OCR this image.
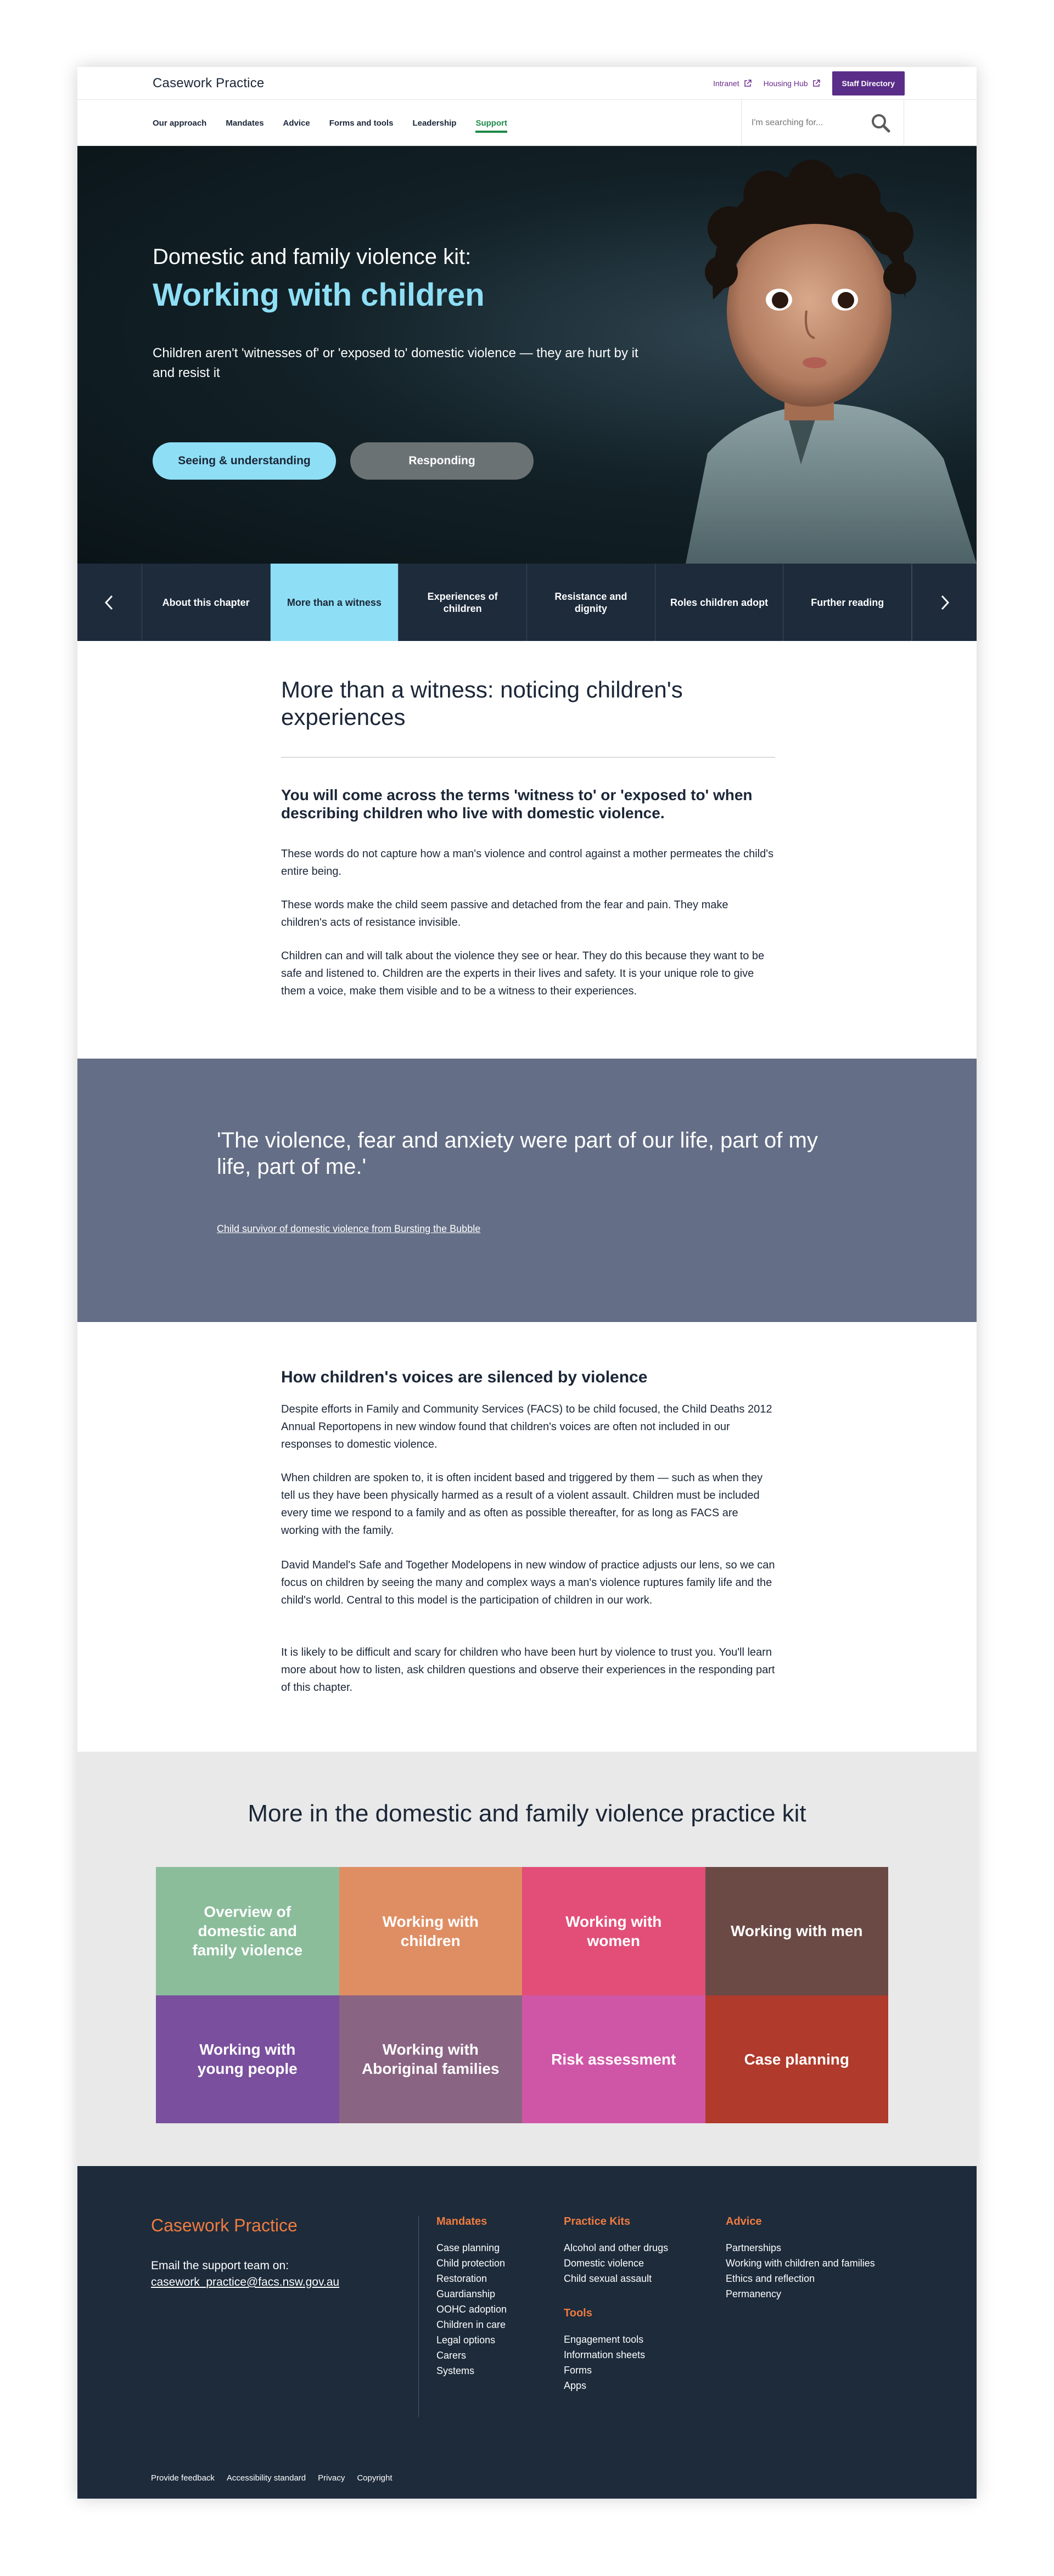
Casework Practice	Intranet	Housing Hub	Staff Directory
Our approach Mandates Advice Forms and tools Leadership Support
I'm searching for...
Domestic and family violence kit:
Working with children
Children aren't 'witnesses of' or 'exposed to' domestic violence — they are hurt by it and resist it
Seeing & understanding	Responding
About this chapter	More than a witness
Experiences of children
Resistance and dignity
Roles children adopt	Further reading
More than a witness: noticing children's experiences
You will come across the terms 'witness to' or 'exposed to' when describing children who live with domestic violence.
These words do not capture how a man's violence and control against a mother permeates the child's entire being.
These words make the child seem passive and detached from the fear and pain. They make children's acts of resistance invisible.
Children can and will talk about the violence they see or hear. They do this because they want to be safe and listened to. Children are the experts in their lives and safety. It is your unique role to give them a voice, make them visible and to be a witness to their experiences.
'The violence, fear and anxiety were part of our life, part of my life, part of me.'
Child survivor of domestic violence from Bursting the Bubble
How children's voices are silenced by violence
Despite efforts in Family and Community Services (FACS) to be child focused, the Child Deaths 2012 Annual Reportopens in new window found that children's voices are often not included in our responses to domestic violence.
When children are spoken to, it is often incident based and triggered by them — such as when they tell us they have been physically harmed as a result of a violent assault. Children must be included every time we respond to a family and as often as possible thereafter, for as long as FACS are working with the family.
David Mandel's Safe and Together Modelopens in new window of practice adjusts our lens, so we can focus on children by seeing the many and complex ways a man's violence ruptures family life and the child's world. Central to this model is the participation of children in our work.
It is likely to be difficult and scary for children who have been hurt by violence to trust you. You'll learn more about how to listen, ask children questions and observe their experiences in the responding part of this chapter.
More in the domestic and family violence practice kit
Overview of domestic and family violence
Working with children
Working with women
Working with men
Working with young people
Working with Aboriginal families
Risk assessment	Case planning
Casework Practice
Email the support team on:
casework_practice@facs.nsw.gov.au
Mandates
Case planning
Child protection
Restoration
Guardianship
OOHC adoption
Children in care
Legal options
Carers
Systems
Practice Kits
Alcohol and other drugs
Domestic violence
Child sexual assault
Tools
Engagement tools
Information sheets
Forms
Apps
Advice
Partnerships
Working with children and families
Ethics and reflection
Permanency
Provide feedback Accessibility standard Privacy Copyright
